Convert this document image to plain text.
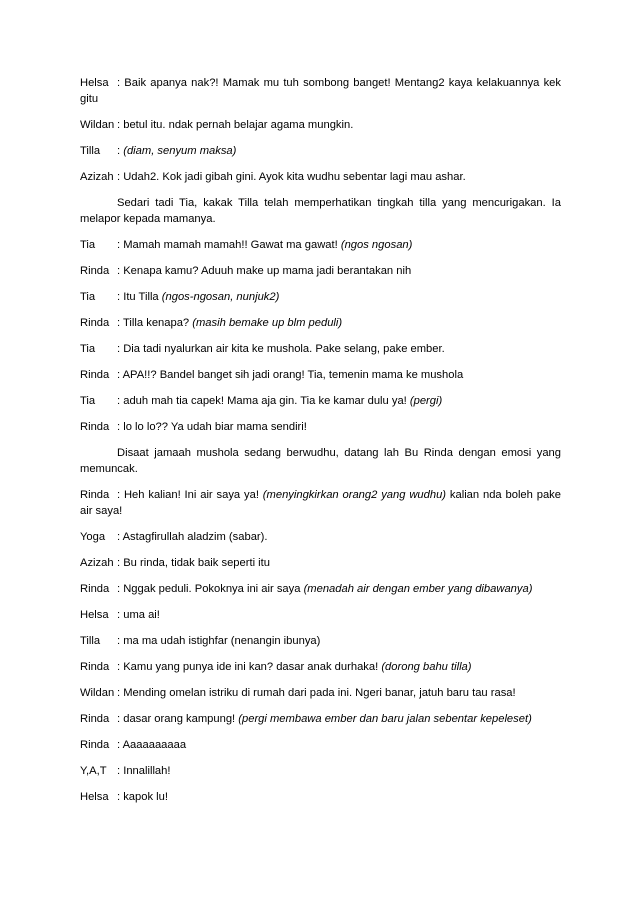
Helsa : Baik apanya nak?! Mamak mu tuh sombong banget! Mentang2 kaya kelakuannya kek gitu
Wildan : betul itu. ndak pernah belajar agama mungkin.
Tilla : (diam, senyum maksa)
Azizah : Udah2. Kok jadi gibah gini. Ayok kita wudhu sebentar lagi mau ashar.
Sedari tadi Tia, kakak Tilla telah memperhatikan tingkah tilla yang mencurigakan. Ia melapor kepada mamanya.
Tia : Mamah mamah mamah!! Gawat ma gawat! (ngos ngosan)
Rinda : Kenapa kamu? Aduuh make up mama jadi berantakan nih
Tia : Itu Tilla (ngos-ngosan, nunjuk2)
Rinda : Tilla kenapa? (masih bemake up blm peduli)
Tia : Dia tadi nyalurkan air kita ke mushola. Pake selang, pake ember.
Rinda : APA!!? Bandel banget sih jadi orang! Tia, temenin mama ke mushola
Tia : aduh mah tia capek! Mama aja gin. Tia ke kamar dulu ya! (pergi)
Rinda : lo lo lo?? Ya udah biar mama sendiri!
Disaat jamaah mushola sedang berwudhu, datang lah Bu Rinda dengan emosi yang memuncak.
Rinda : Heh kalian! Ini air saya ya! (menyingkirkan orang2 yang wudhu) kalian nda boleh pake air saya!
Yoga : Astagfirullah aladzim (sabar).
Azizah : Bu rinda, tidak baik seperti itu
Rinda : Nggak peduli. Pokoknya ini air saya (menadah air dengan ember yang dibawanya)
Helsa : uma ai!
Tilla : ma ma udah istighfar (nenangin ibunya)
Rinda : Kamu yang punya ide ini kan? dasar anak durhaka! (dorong bahu tilla)
Wildan : Mending omelan istriku di rumah dari pada ini. Ngeri banar, jatuh baru tau rasa!
Rinda : dasar orang kampung! (pergi membawa ember dan baru jalan sebentar kepeleset)
Rinda : Aaaaaaaaaa
Y,A,T : Innalillah!
Helsa : kapok lu!
